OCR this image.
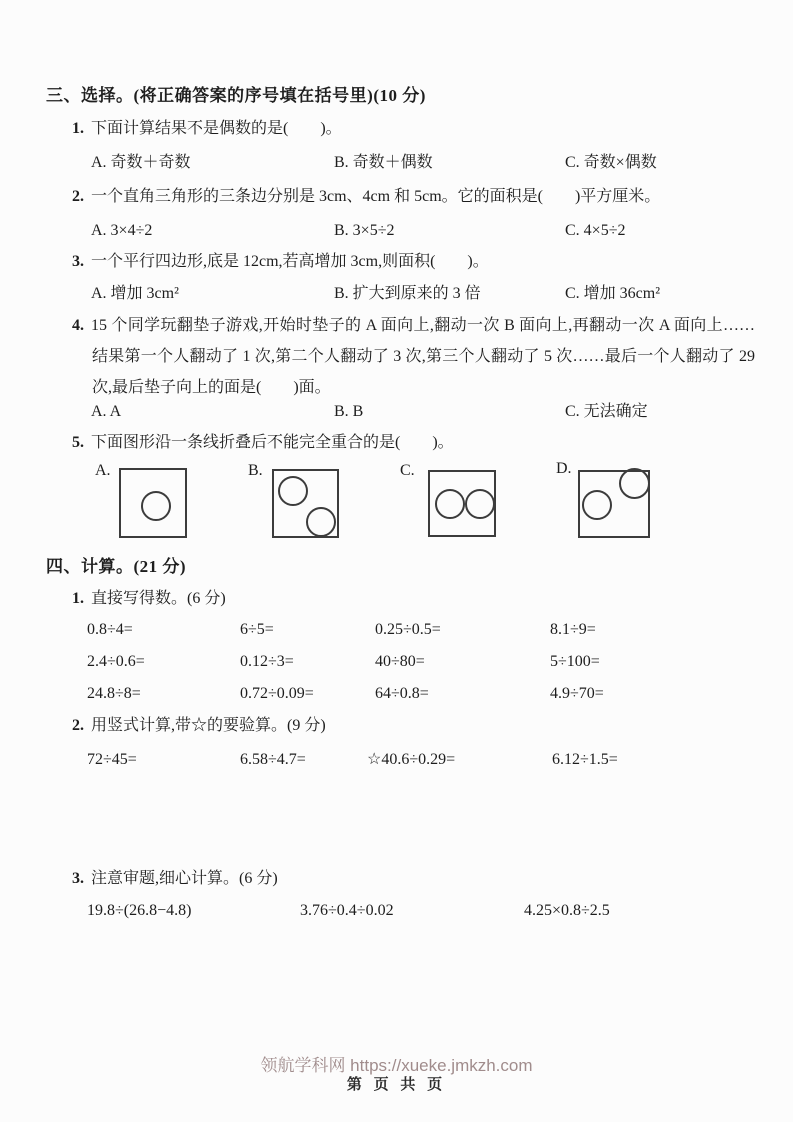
三、选择。(将正确答案的序号填在括号里)(10 分)
1. 下面计算结果不是偶数的是(　　)。
A. 奇数＋奇数	B. 奇数＋偶数	C. 奇数×偶数
2. 一个直角三角形的三条边分别是 3cm、4cm 和 5cm。它的面积是(　　)平方厘米。
A. 3×4÷2	B. 3×5÷2	C. 4×5÷2
3. 一个平行四边形,底是 12cm,若高增加 3cm,则面积(　　)。
A. 增加 3cm²	B. 扩大到原来的 3 倍	C. 增加 36cm²
4. 15 个同学玩翻垫子游戏,开始时垫子的 A 面向上,翻动一次 B 面向上,再翻动一次 A 面向上……结果第一个人翻动了 1 次,第二个人翻动了 3 次,第三个人翻动了 5 次……最后一个人翻动了 29 次,最后垫子向上的面是(　　)面。
A. A	B. B	C. 无法确定
5. 下面图形沿一条线折叠后不能完全重合的是(　　)。
A.	B.	C.	D.
四、计算。(21 分)
1. 直接写得数。(6 分)
0.8÷4=	6÷5=	0.25÷0.5=	8.1÷9=
2.4÷0.6=	0.12÷3=	40÷80=	5÷100=
24.8÷8=	0.72÷0.09=	64÷0.8=	4.9÷70=
2. 用竖式计算,带☆的要验算。(9 分)
72÷45=	6.58÷4.7=	☆40.6÷0.29=	6.12÷1.5=
3. 注意审题,细心计算。(6 分)
19.8÷(26.8−4.8)	3.76÷0.4÷0.02	4.25×0.8÷2.5
领航学科网 https://xueke.jmkzh.com
第 页 共 页
